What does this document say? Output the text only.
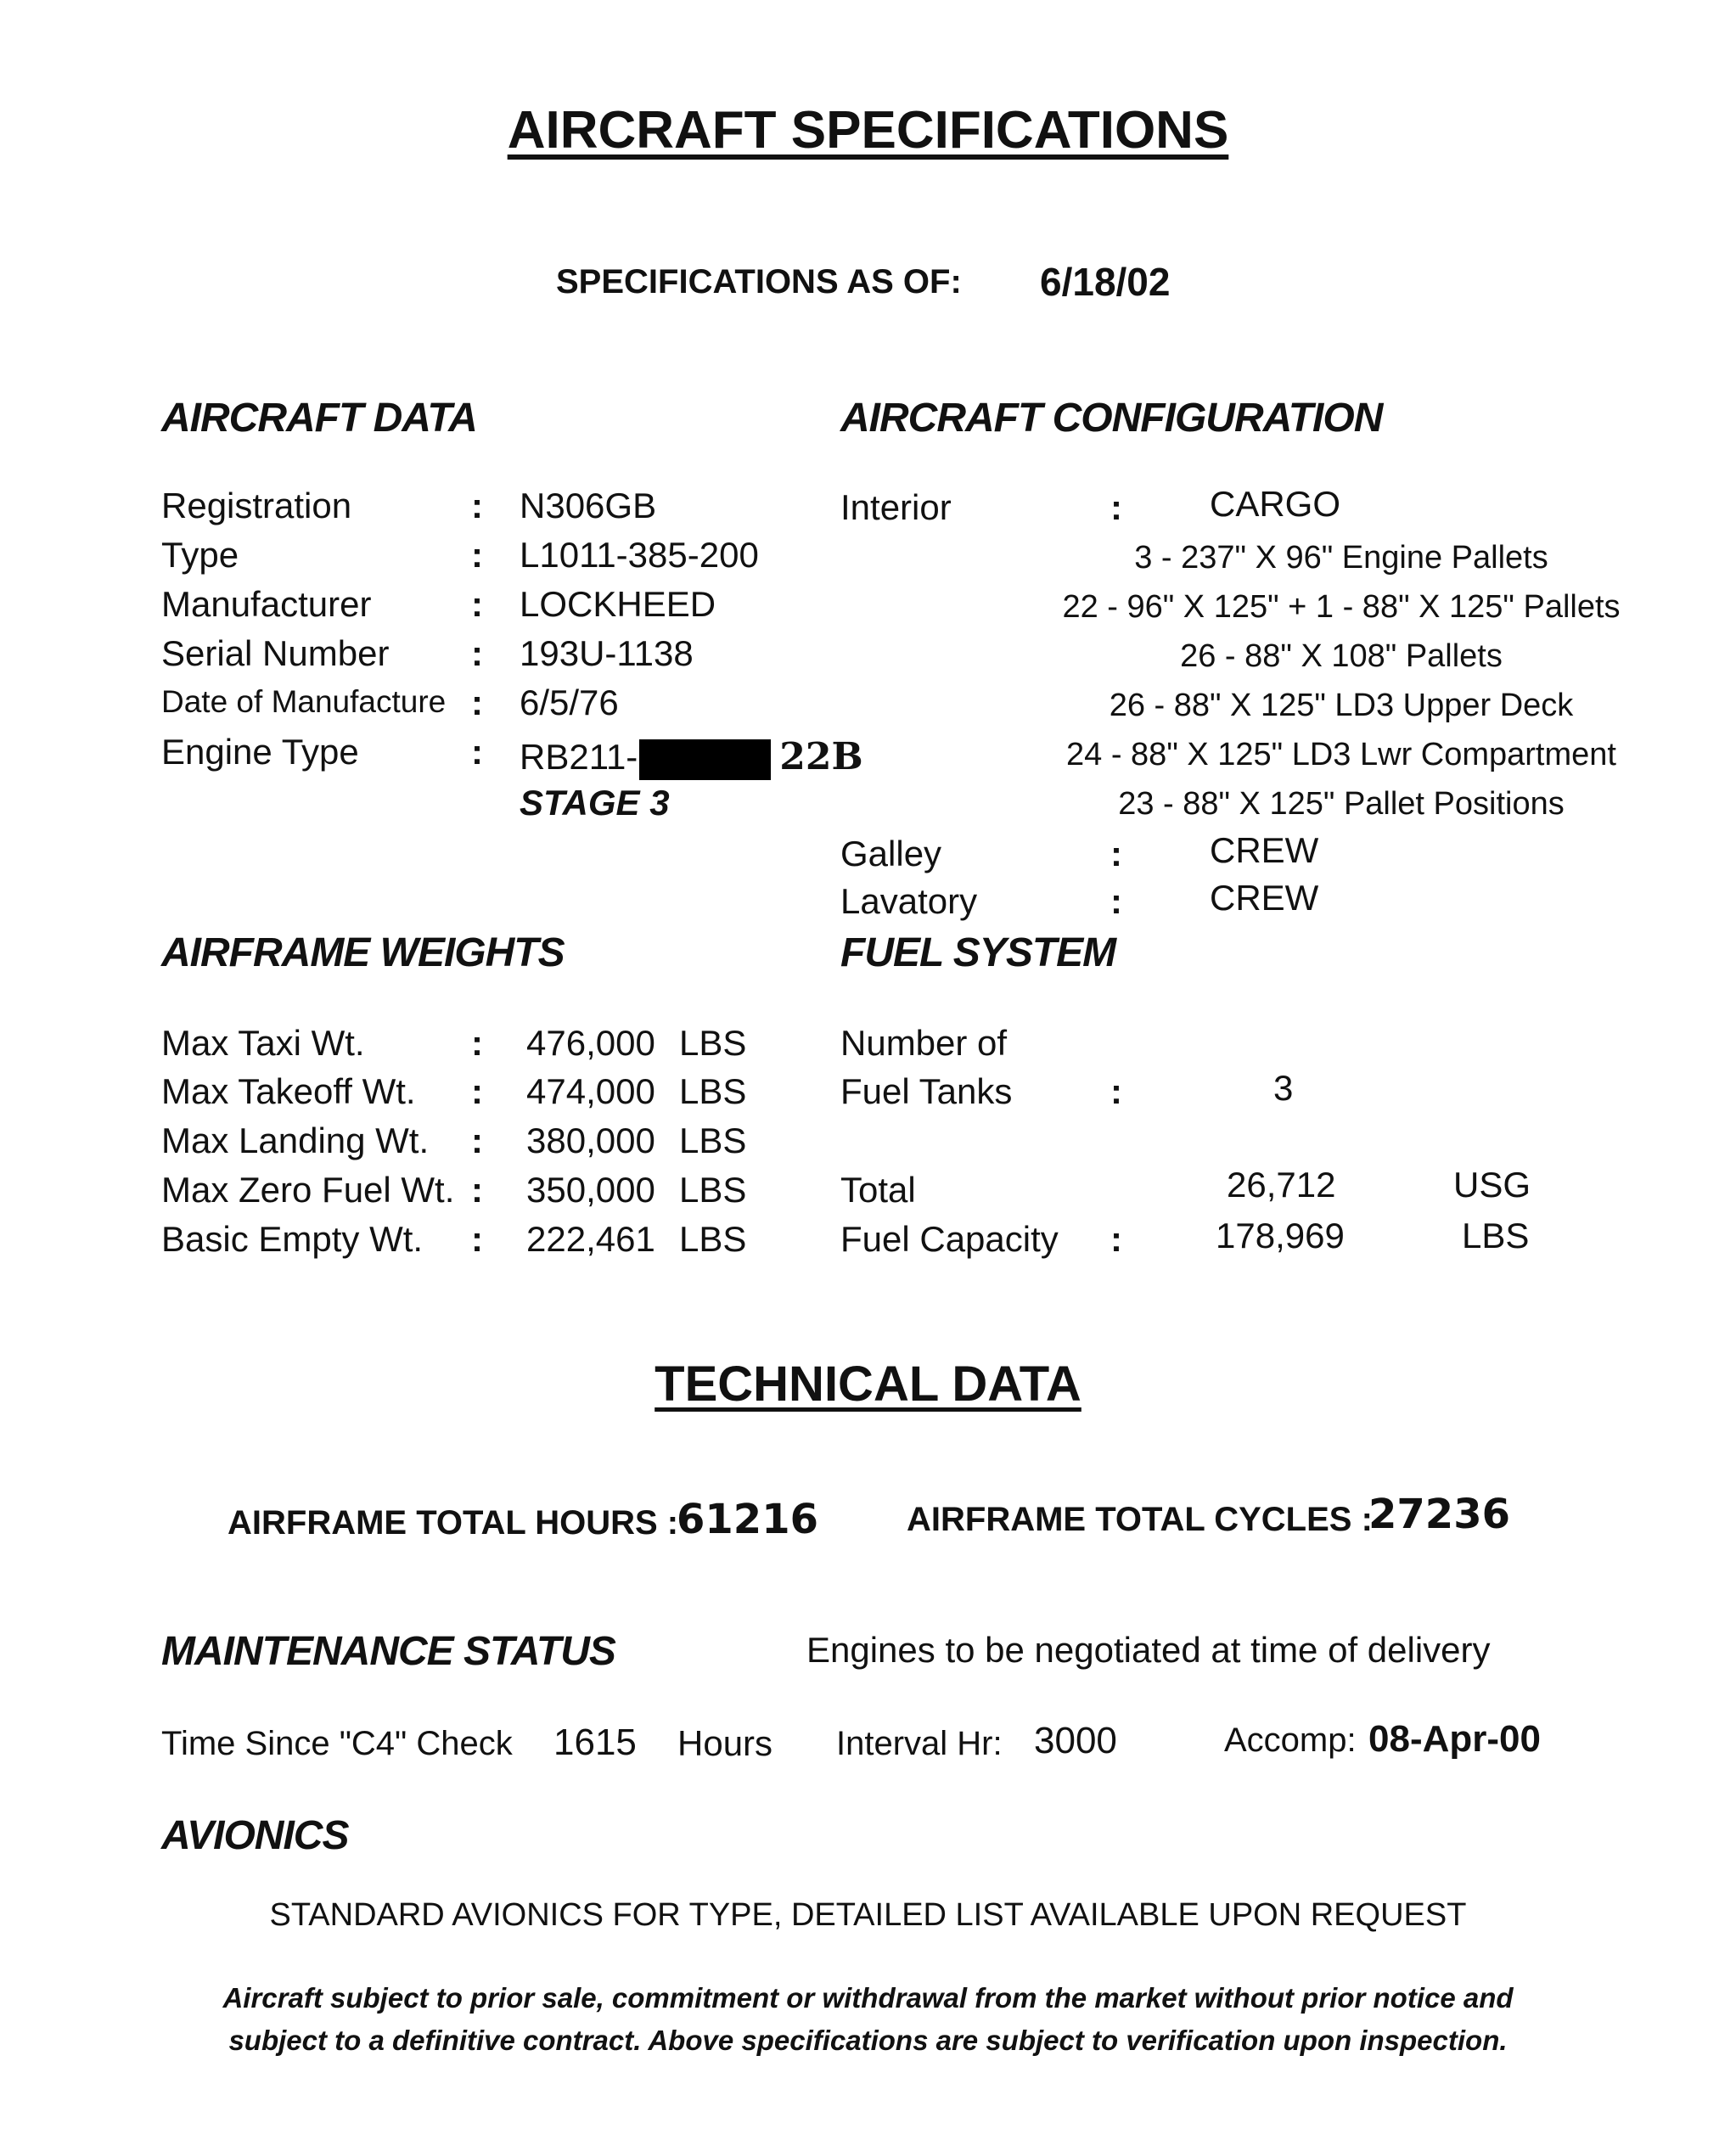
AIRCRAFT SPECIFICATIONS
SPECIFICATIONS AS OF: 6/18/02
AIRCRAFT DATA
Registration	: N306GB
Type	: L1011-385-200
Manufacturer	: LOCKHEED
Serial Number : 193U-1138
Date of Manufacture : 6/5/76
Engine Type	: RB211-	22B
STAGE 3
AIRCRAFT CONFIGURATION
Interior	: CARGO
3 - 237" X 96" Engine Pallets
22 - 96" X 125" + 1 - 88" X 125" Pallets
26 - 88" X 108" Pallets
26 - 88" X 125" LD3 Upper Deck
24 - 88" X 125" LD3 Lwr Compartment
23 - 88" X 125" Pallet Positions
Galley	: CREW
Lavatory	: CREW
AIRFRAME WEIGHTS
Max Taxi Wt.	: 476,000 LBS
Max Takeoff Wt. : 474,000 LBS
Max Landing Wt. : 380,000 LBS
Max Zero Fuel Wt. : 350,000 LBS
Basic Empty Wt. : 222,461 LBS
FUEL SYSTEM
Number of
Fuel Tanks	:	3
Total	26,712	USG
Fuel Capacity :	178,969	LBS
TECHNICAL DATA
AIRFRAME TOTAL HOURS :
61216	AIRFRAME TOTAL CYCLES :
27236
MAINTENANCE STATUS	Engines to be negotiated at time of delivery
Time Since "C4" Check 1615 Hours Interval Hr: 3000	Accomp: 08-Apr-00
AVIONICS
STANDARD AVIONICS FOR TYPE, DETAILED LIST AVAILABLE UPON REQUEST
Aircraft subject to prior sale, commitment or withdrawal from the market without prior notice and
subject to a definitive contract. Above specifications are subject to verification upon inspection.
